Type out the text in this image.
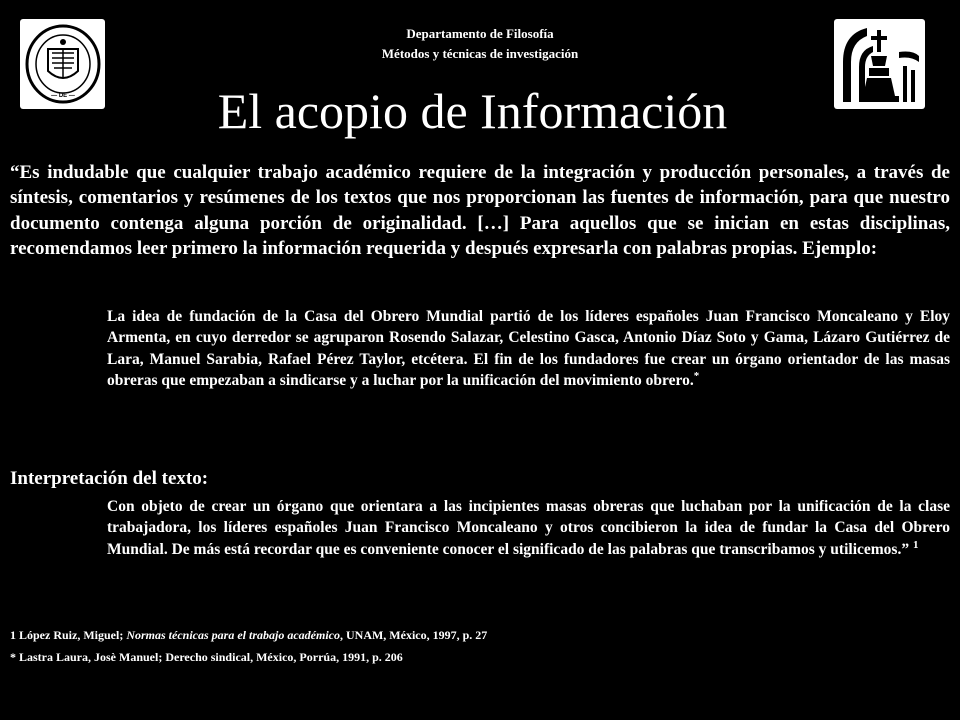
— DE —
Departamento de Filosofía
Métodos y técnicas de investigación
El acopio de Información

“Es indudable que cualquier trabajo académico requiere de la integración y producción personales, a través de síntesis, comentarios y resúmenes de los textos que nos proporcionan las fuentes de información, para que nuestro documento contenga alguna porción de originalidad. […] Para aquellos que se inician en estas disciplinas, recomendamos leer primero la información requerida y después expresarla con palabras propias. Ejemplo:

La idea de fundación de la Casa del Obrero Mundial partió de los líderes españoles Juan Francisco Moncaleano y Eloy Armenta, en cuyo derredor se agruparon Rosendo Salazar, Celestino Gasca, Antonio Díaz Soto y Gama, Lázaro Gutiérrez de Lara, Manuel Sarabia, Rafael Pérez Taylor, etcétera. El fin de los fundadores fue crear un órgano orientador de las masas obreras que empezaban a sindicarse y a luchar por la unificación del movimiento obrero.*

Interpretación del texto:

Con objeto de crear un órgano que orientara a las incipientes masas obreras que luchaban por la unificación de la clase trabajadora, los líderes españoles Juan Francisco Moncaleano y otros concibieron la idea de fundar la Casa del Obrero Mundial. De más está recordar que es conveniente conocer el significado de las palabras que transcribamos y utilicemos.” $^1$

1 López Ruiz, Miguel; Normas técnicas para el trabajo académico, UNAM, México, 1997, p. 27
* Lastra Laura, Josè Manuel; Derecho sindical, México, Porrúa, 1991, p. 206
